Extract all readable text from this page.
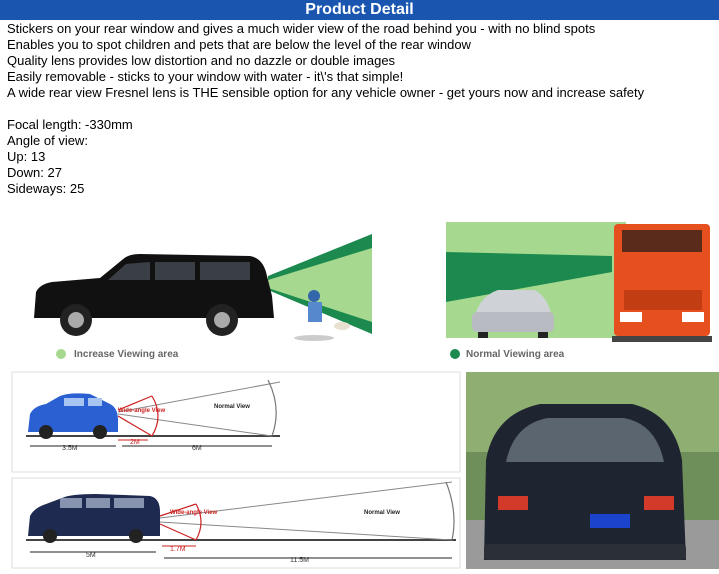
Product Detail

Stickers on your rear window and gives a much wider view of the road behind you - with no blind spots

Enables you to spot children and pets that are below the level of the rear window

Quality lens provides low distortion and no dazzle or double images

Easily removable - sticks to your window with water - it\'s that simple!

A wide rear view Fresnel lens is THE sensible option for any vehicle owner - get yours now and increase safety

Focal length: -330mm

Angle of view:

Up: 13

Down: 27

Sideways: 25

3.5M
2M
6M
Wide-angle View
Normal View
5M
1.7M
11.5M
Wide-angle View	Normal View
Increase Viewing area	Normal Viewing area
